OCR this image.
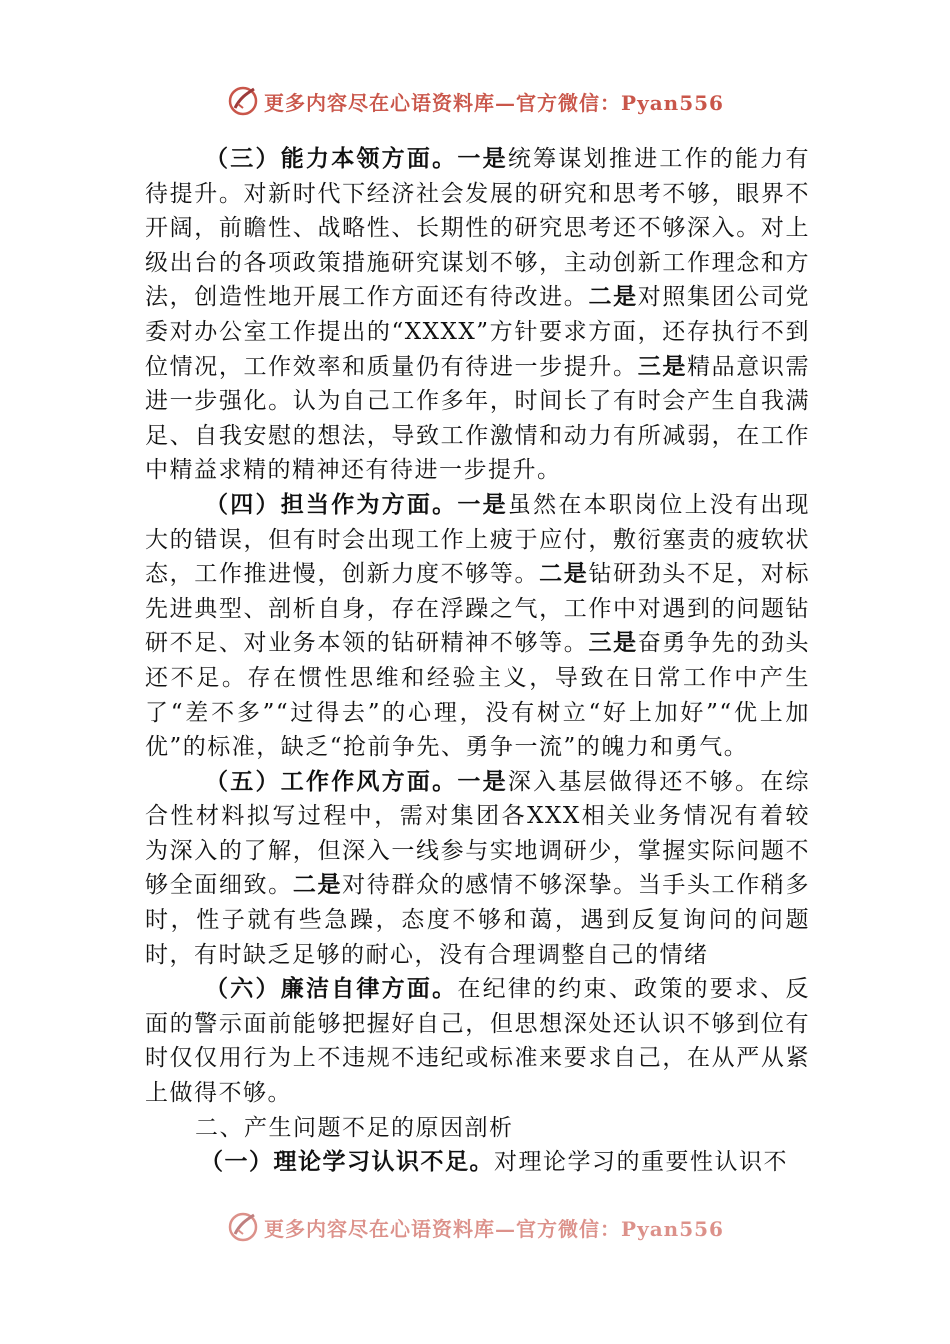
更多内容尽在心语资料库—官方微信：Pyan556

（三）能力本领方面。一是统筹谋划推进工作的能力有待提升。对新时代下经济社会发展的研究和思考不够，眼界不开阔，前瞻性、战略性、长期性的研究思考还不够深入。对上级出台的各项政策措施研究谋划不够，主动创新工作理念和方法，创造性地开展工作方面还有待改进。二是对照集团公司党委对办公室工作提出的“XXXX”方针要求方面，还存执行不到位情况，工作效率和质量仍有待进一步提升。三是精品意识需进一步强化。认为自己工作多年，时间长了有时会产生自我满足、自我安慰的想法，导致工作激情和动力有所减弱，在工作中精益求精的精神还有待进一步提升。

（四）担当作为方面。一是虽然在本职岗位上没有出现大的错误，但有时会出现工作上疲于应付，敷衍塞责的疲软状态，工作推进慢，创新力度不够等。二是钻研劲头不足，对标先进典型、剖析自身，存在浮躁之气，工作中对遇到的问题钻研不足、对业务本领的钻研精神不够等。三是奋勇争先的劲头还不足。存在惯性思维和经验主义，导致在日常工作中产生了“差不多”“过得去”的心理，没有树立“好上加好”“优上加优”的标准，缺乏“抢前争先、勇争一流”的魄力和勇气。

（五）工作作风方面。一是深入基层做得还不够。在综合性材料拟写过程中，需对集团各XXX相关业务情况有着较为深入的了解，但深入一线参与实地调研少，掌握实际问题不够全面细致。二是对待群众的感情不够深挚。当手头工作稍多时，性子就有些急躁，态度不够和蔼，遇到反复询问的问题时，有时缺乏足够的耐心，没有合理调整自己的情绪

（六）廉洁自律方面。在纪律的约束、政策的要求、反面的警示面前能够把握好自己，但思想深处还认识不够到位有时仅仅用行为上不违规不违纪或标准来要求自己，在从严从紧上做得不够。

二、产生问题不足的原因剖析

（一）理论学习认识不足。对理论学习的重要性认识不

更多内容尽在心语资料库—官方微信：Pyan556
